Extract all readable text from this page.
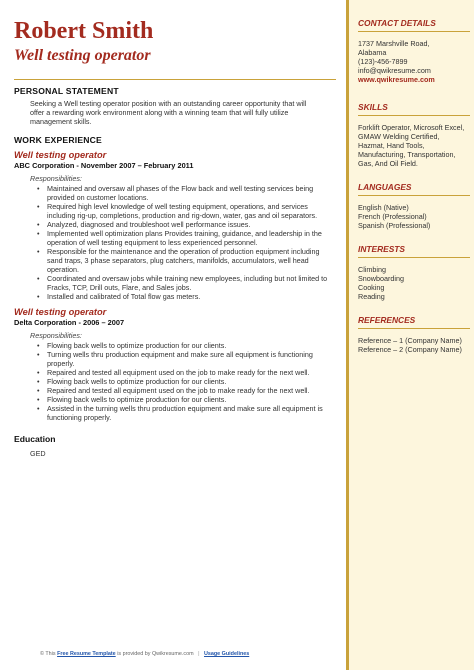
Robert Smith
Well testing operator
PERSONAL STATEMENT
Seeking a Well testing operator position with an outstanding career opportunity that will offer a rewarding work environment along with a winning team that will fully utilize management skills.
WORK EXPERIENCE
Well testing operator
ABC Corporation - November 2007 – February 2011
Responsibilities:
• Maintained and oversaw all phases of the Flow back and well testing services being provided on customer locations.
• Required high level knowledge of well testing equipment, operations, and services including rig-up, completions, production and rig-down, water, gas and oil separators.
• Analyzed, diagnosed and troubleshoot well performance issues.
• Implemented well optimization plans Provides training, guidance, and leadership in the operation of well testing equipment to less experienced personnel.
• Responsible for the maintenance and the operation of production equipment including sand traps, 3 phase separators, plug catchers, manifolds, accumulators, well head operation.
• Coordinated and oversaw jobs while training new employees, including but not limited to Fracks, TCP, Drill outs, Flare, and Sales jobs.
• Installed and calibrated of Total flow gas meters.
Well testing operator
Delta Corporation - 2006 – 2007
Responsibilities:
• Flowing back wells to optimize production for our clients.
• Turning wells thru production equipment and make sure all equipment is functioning properly.
• Repaired and tested all equipment used on the job to make ready for the next well.
• Flowing back wells to optimize production for our clients.
• Repaired and tested all equipment used on the job to make ready for the next well.
• Flowing back wells to optimize production for our clients.
• Assisted in the turning wells thru production equipment and make sure all equipment is functioning properly.
Education
GED
© This Free Resume Template is provided by Qwikresume.com | Usage Guidelines
CONTACT DETAILS
1737 Marshville Road,
Alabama
(123)-456-7899
info@qwikresume.com
www.qwikresume.com
SKILLS
Forklift Operator, Microsoft Excel, GMAW Welding Certified, Hazmat, Hand Tools, Manufacturing, Transportation, Gas, And Oil Field.
LANGUAGES
English (Native)
French (Professional)
Spanish (Professional)
INTERESTS
Climbing
Snowboarding
Cooking
Reading
REFERENCES
Reference – 1 (Company Name)
Reference – 2 (Company Name)
